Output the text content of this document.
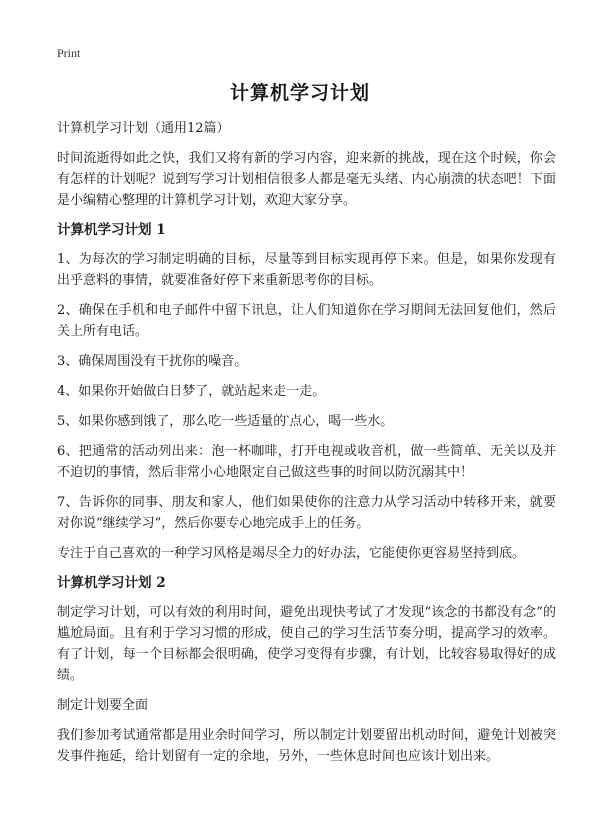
Print
计算机学习计划

计算机学习计划（通用12篇）

时间流逝得如此之快，我们又将有新的学习内容，迎来新的挑战，现在这个时候，你会有怎样的计划呢？说到写学习计划相信很多人都是毫无头绪、内心崩溃的状态吧！下面是小编精心整理的计算机学习计划，欢迎大家分享。

计算机学习计划 1

1、为每次的学习制定明确的目标，尽量等到目标实现再停下来。但是，如果你发现有出乎意料的事情，就要准备好停下来重新思考你的目标。

2、确保在手机和电子邮件中留下讯息，让人们知道你在学习期间无法回复他们，然后关上所有电话。

3、确保周围没有干扰你的噪音。

4、如果你开始做白日梦了，就站起来走一走。

5、如果你感到饿了，那么吃一些适量的‵点心，喝一些水。

6、把通常的活动列出来：泡一杯咖啡，打开电视或收音机，做一些简单、无关以及并不迫切的事情，然后非常小心地限定自己做这些事的时间以防沉溺其中！

7、告诉你的同事、朋友和家人，他们如果使你的注意力从学习活动中转移开来，就要对你说“继续学习”，然后你要专心地完成手上的任务。

专注于自己喜欢的一种学习风格是竭尽全力的好办法，它能使你更容易坚持到底。

计算机学习计划 2

制定学习计划，可以有效的利用时间，避免出现快考试了才发现“该念的书都没有念”的尴尬局面。且有利于学习习惯的形成，使自己的学习生活节奏分明，提高学习的效率。有了计划，每一个目标都会很明确，使学习变得有步骤，有计划，比较容易取得好的成绩。

制定计划要全面

我们参加考试通常都是用业余时间学习，所以制定计划要留出机动时间，避免计划被突发事件拖延，给计划留有一定的余地，另外，一些休息时间也应该计划出来。
